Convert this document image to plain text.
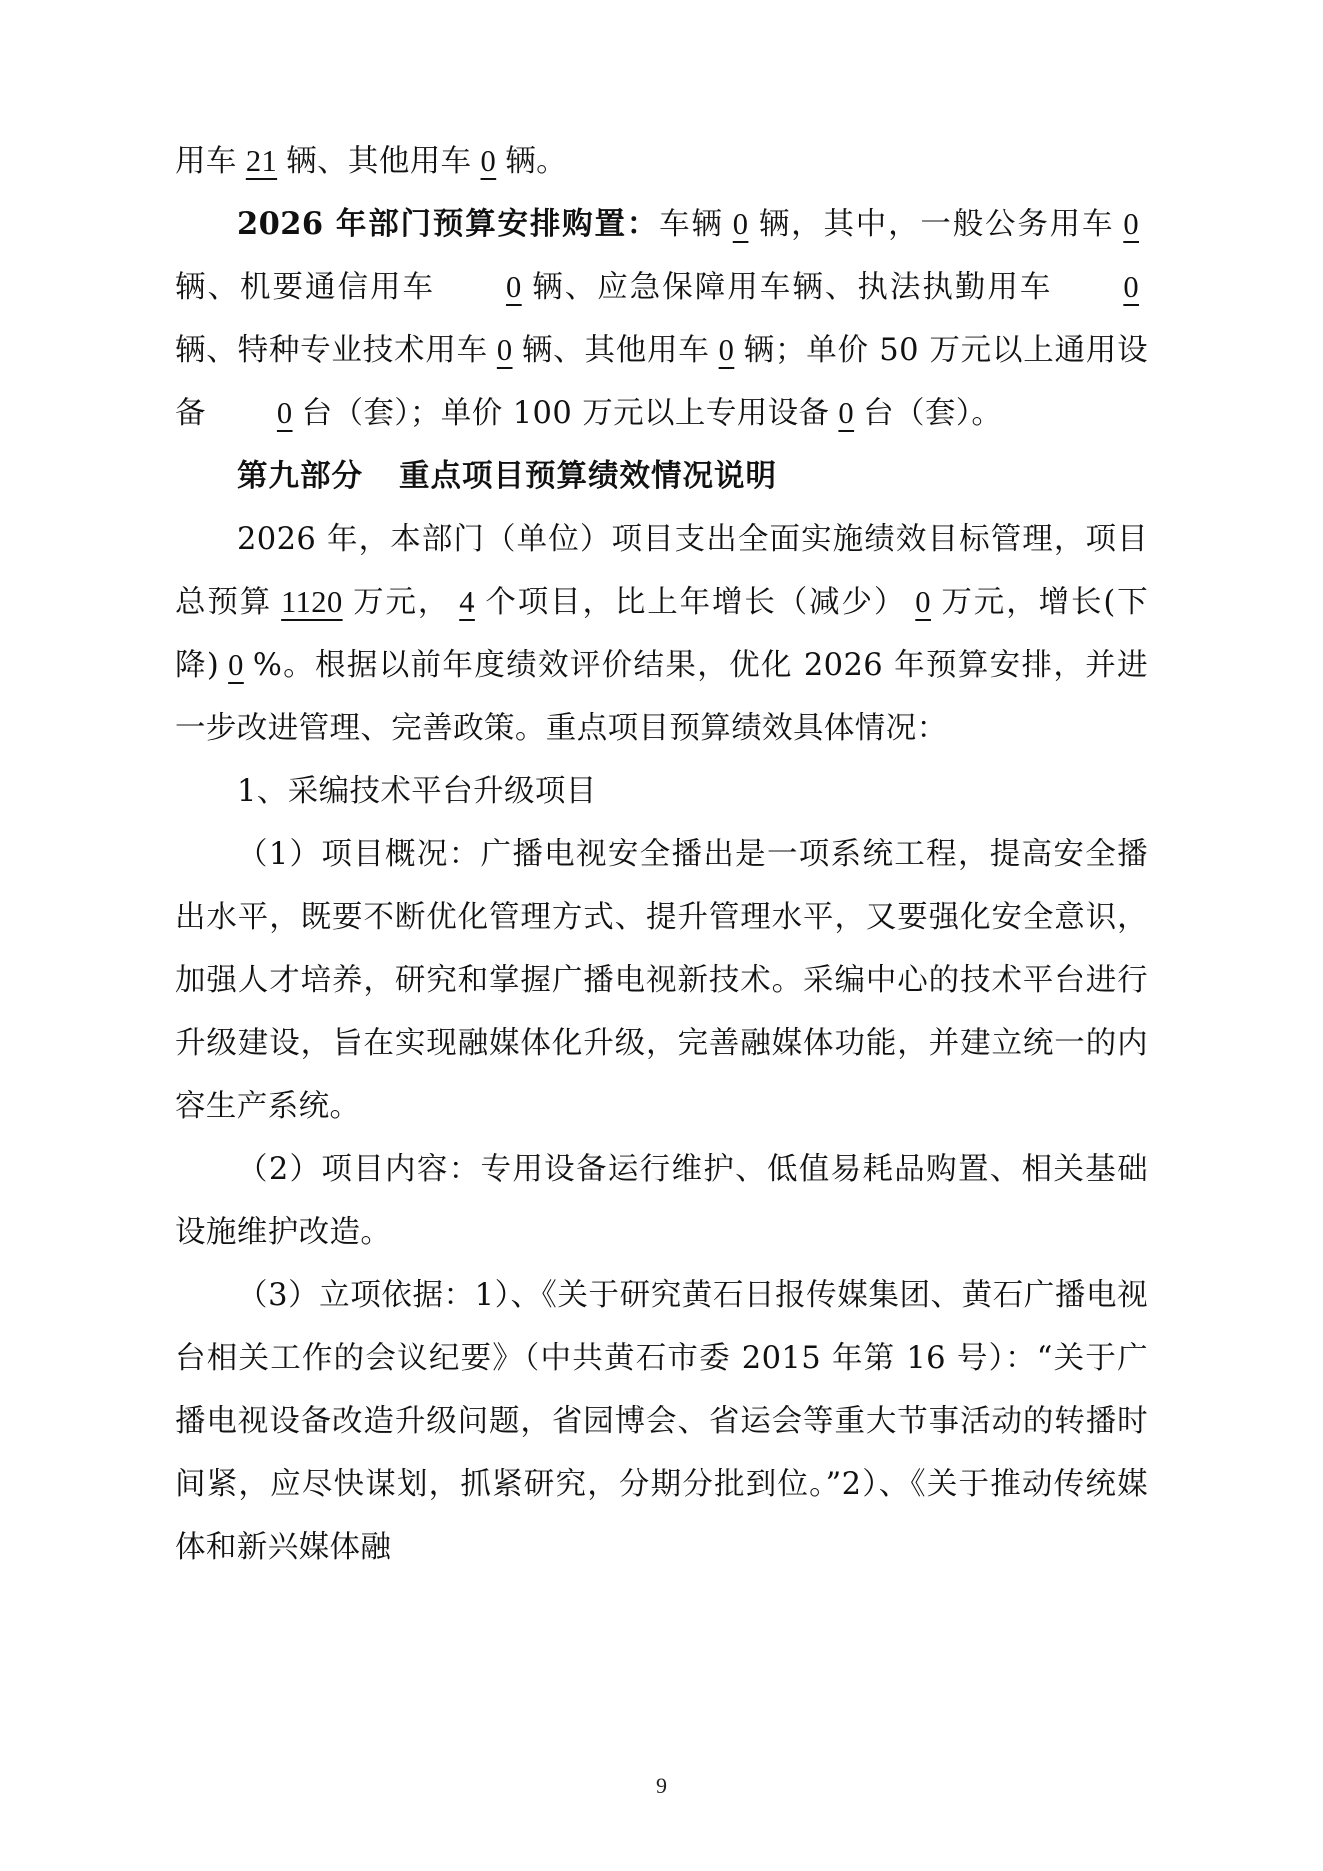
用车 21 辆、其他用车 0 辆。

2026 年部门预算安排购置：车辆 0 辆，其中，一般公务用车 0辆、机要通信用车 0 辆、应急保障用车辆、执法执勤用车 0辆、特种专业技术用车 0 辆、其他用车 0 辆；单价 50 万元以上通用设备 0 台（套）；单价 100 万元以上专用设备 0 台（套）。

第九部分 重点项目预算绩效情况说明

2026 年，本部门（单位）项目支出全面实施绩效目标管理，项目总预算 1120 万元， 4 个项目，比上年增长（减少） 0 万元，增长(下降) 0 %。根据以前年度绩效评价结果，优化 2026 年预算安排，并进一步改进管理、完善政策。重点项目预算绩效具体情况：

1、采编技术平台升级项目

（1）项目概况：广播电视安全播出是一项系统工程，提高安全播出水平，既要不断优化管理方式、提升管理水平，又要强化安全意识，加强人才培养，研究和掌握广播电视新技术。采编中心的技术平台进行升级建设，旨在实现融媒体化升级，完善融媒体功能，并建立统一的内容生产系统。

（2）项目内容：专用设备运行维护、低值易耗品购置、相关基础设施维护改造。

（3）立项依据：1）、《关于研究黄石日报传媒集团、黄石广播电视台相关工作的会议纪要》（中共黄石市委 2015 年第 16 号）：“关于广播电视设备改造升级问题，省园博会、省运会等重大节事活动的转播时间紧，应尽快谋划，抓紧研究，分期分批到位。”2）、《关于推动传统媒体和新兴媒体融

9
